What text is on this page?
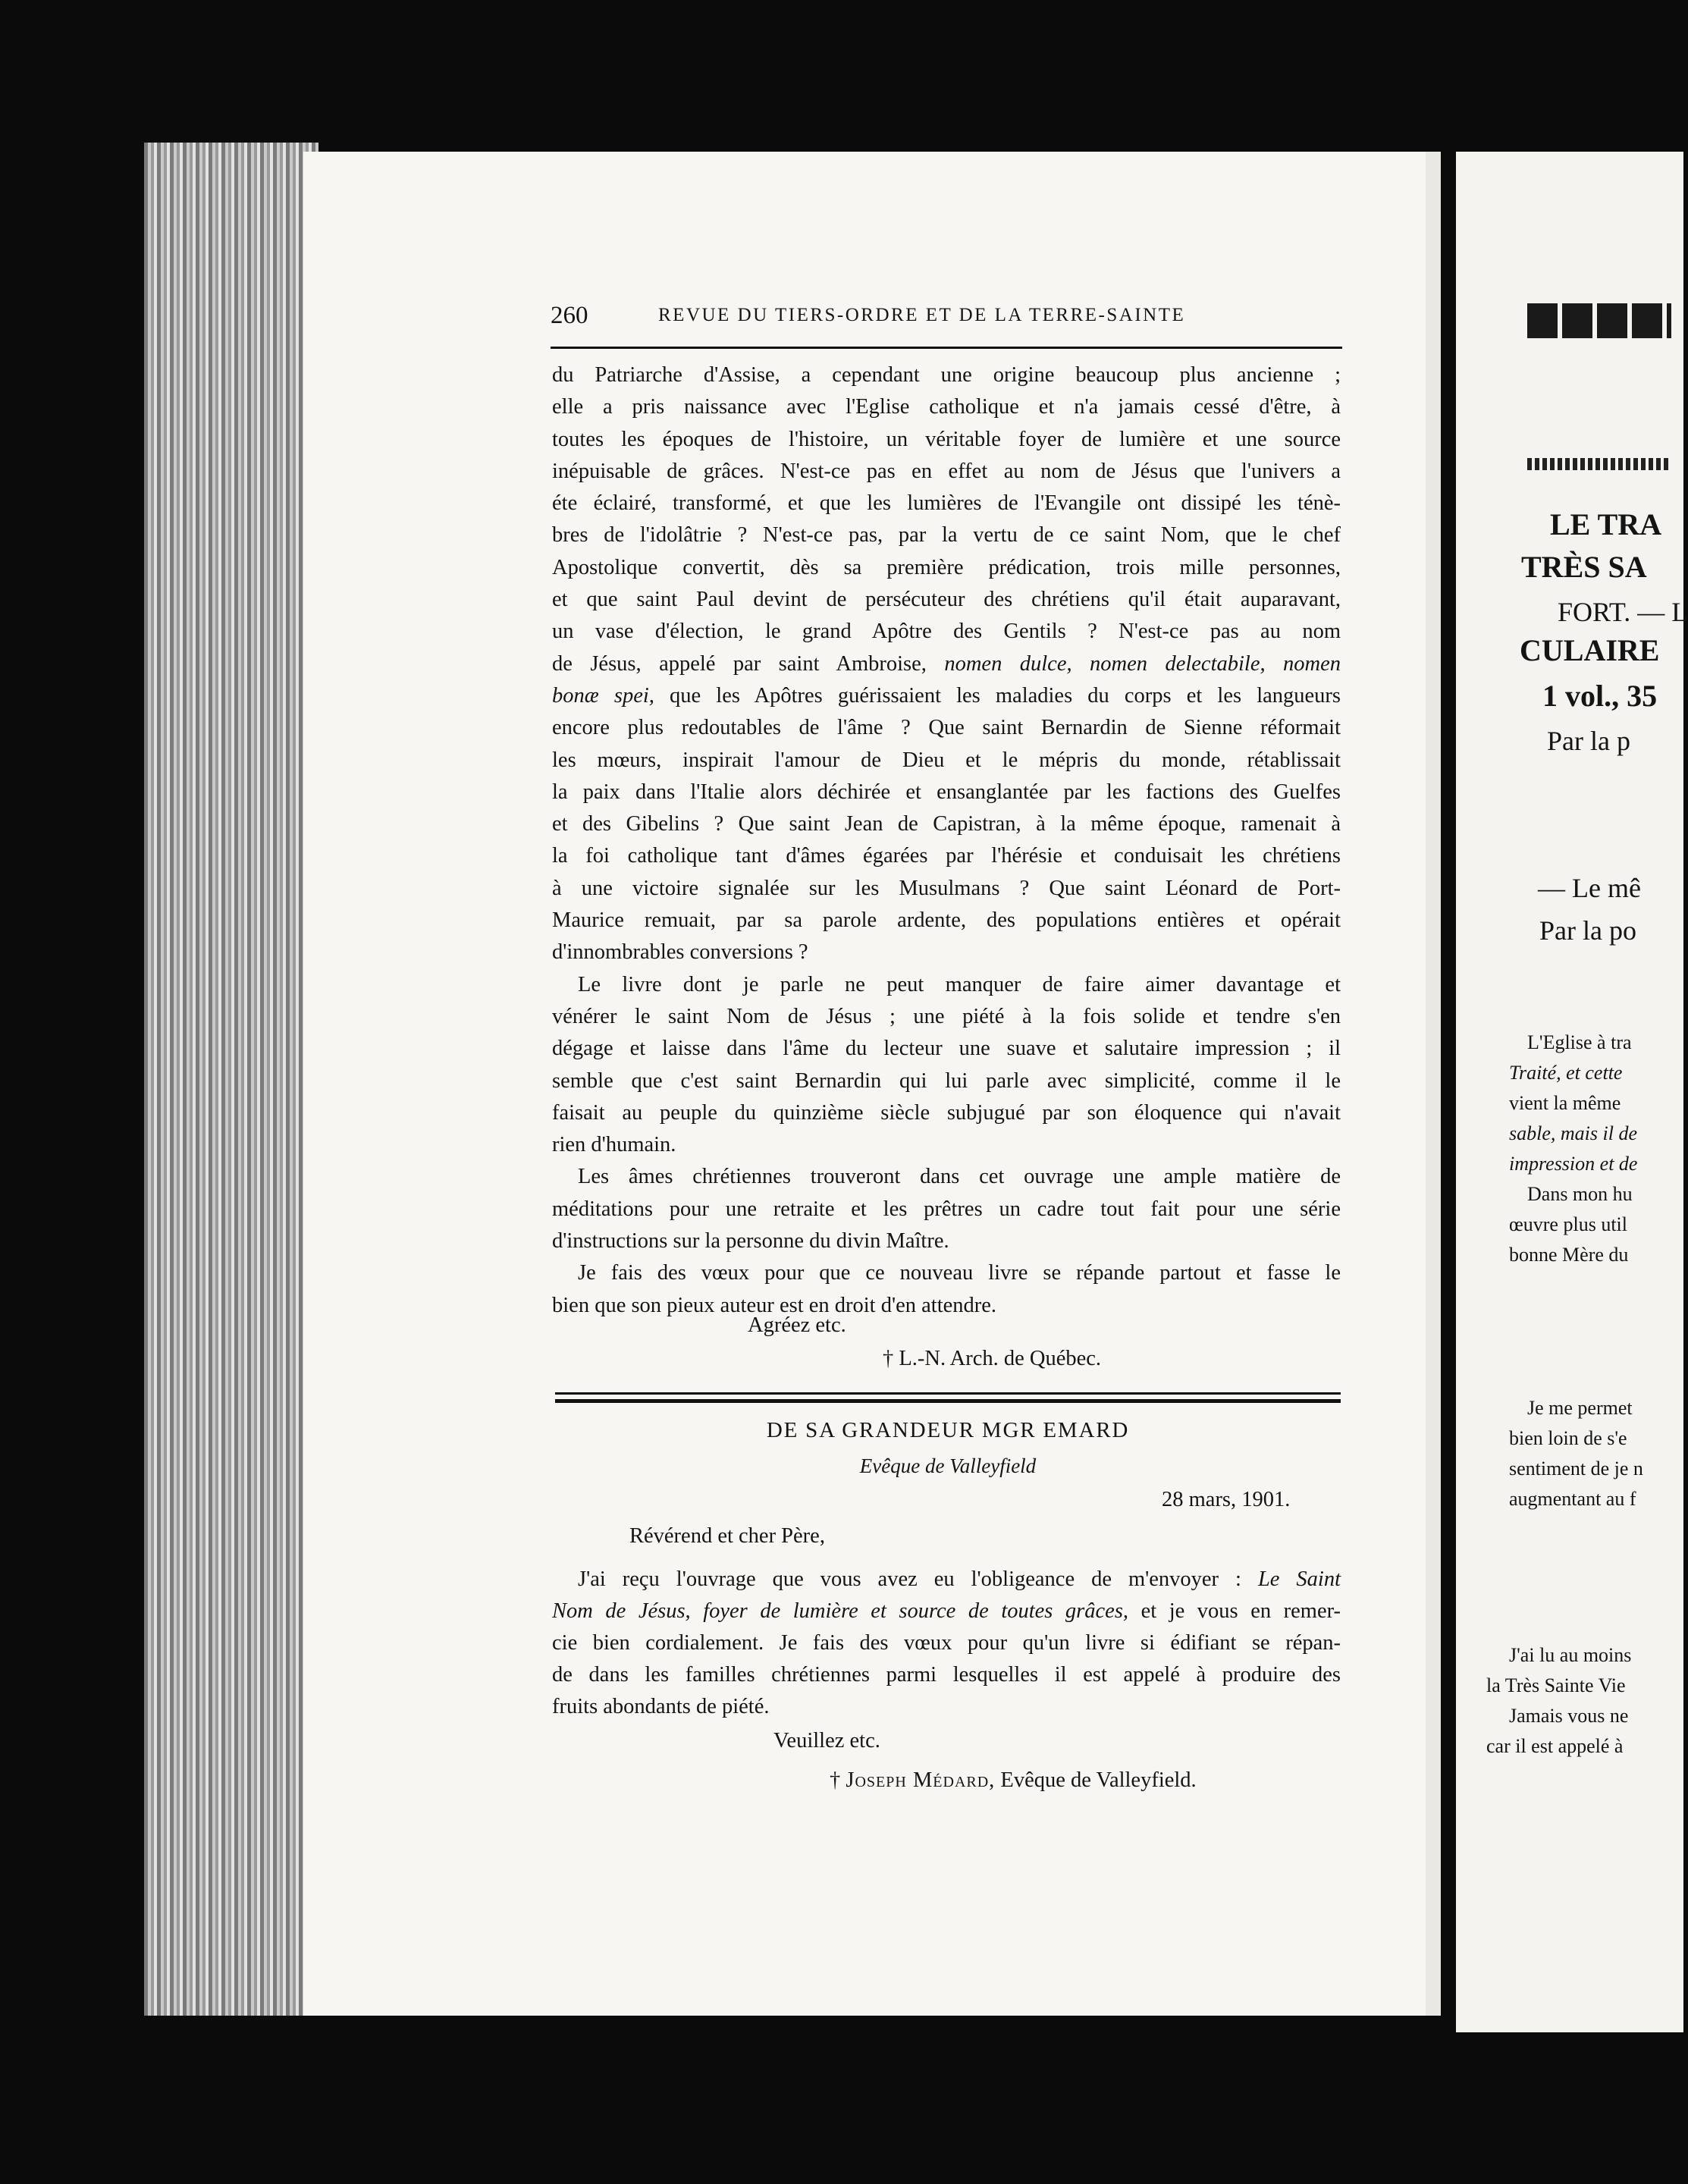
260	REVUE DU TIERS-ORDRE ET DE LA TERRE-SAINTE
du Patriarche d'Assise, a cependant une origine beaucoup plus ancienne ;
elle a pris naissance avec l'Eglise catholique et n'a jamais cessé d'être, à
toutes les époques de l'histoire, un véritable foyer de lumière et une source
inépuisable de grâces. N'est-ce pas en effet au nom de Jésus que l'univers a
éte éclairé, transformé, et que les lumières de l'Evangile ont dissipé les ténè-
bres de l'idolâtrie ? N'est-ce pas, par la vertu de ce saint Nom, que le chef
Apostolique convertit, dès sa première prédication, trois mille personnes,
et que saint Paul devint de persécuteur des chrétiens qu'il était auparavant,
un vase d'élection, le grand Apôtre des Gentils ? N'est-ce pas au nom
de Jésus, appelé par saint Ambroise, nomen dulce, nomen delectabile, nomen
bonæ spei, que les Apôtres guérissaient les maladies du corps et les langueurs
encore plus redoutables de l'âme ? Que saint Bernardin de Sienne réformait
les mœurs, inspirait l'amour de Dieu et le mépris du monde, rétablissait
la paix dans l'Italie alors déchirée et ensanglantée par les factions des Guelfes
et des Gibelins ? Que saint Jean de Capistran, à la même époque, ramenait à
la foi catholique tant d'âmes égarées par l'hérésie et conduisait les chrétiens
à une victoire signalée sur les Musulmans ? Que saint Léonard de Port-
Maurice remuait, par sa parole ardente, des populations entières et opérait
d'innombrables conversions ?
Le livre dont je parle ne peut manquer de faire aimer davantage et
vénérer le saint Nom de Jésus ; une piété à la fois solide et tendre s'en
dégage et laisse dans l'âme du lecteur une suave et salutaire impression ; il
semble que c'est saint Bernardin qui lui parle avec simplicité, comme il le
faisait au peuple du quinzième siècle subjugué par son éloquence qui n'avait
rien d'humain.
Les âmes chrétiennes trouveront dans cet ouvrage une ample matière de
méditations pour une retraite et les prêtres un cadre tout fait pour une série
d'instructions sur la personne du divin Maître.
Je fais des vœux pour que ce nouveau livre se répande partout et fasse le
bien que son pieux auteur est en droit d'en attendre.
Agréez etc.
† L.-N. Arch. de Québec.
DE SA GRANDEUR MGR EMARD
Evêque de Valleyfield
28 mars, 1901.
Révérend et cher Père,
J'ai reçu l'ouvrage que vous avez eu l'obligeance de m'envoyer : Le Saint
Nom de Jésus, foyer de lumière et source de toutes grâces, et je vous en remer-
cie bien cordialement. Je fais des vœux pour qu'un livre si édifiant se répan-
de dans les familles chrétiennes parmi lesquelles il est appelé à produire des
fruits abondants de piété.
Veuillez etc.
† Joseph Médard, Evêque de Valleyfield.
LE TRA
TRÈS SA
FORT. — L
CULAIRE
1 vol., 35
Par la p
— Le mê
Par la po
L'Eglise à tra
Traité, et cette
vient la même
sable, mais il de
impression et de
Dans mon hu
œuvre plus util
bonne Mère du
Je me permet
bien loin de s'e
sentiment de je n
augmentant au f
J'ai lu au moins
la Très Sainte Vie
Jamais vous ne
car il est appelé à
